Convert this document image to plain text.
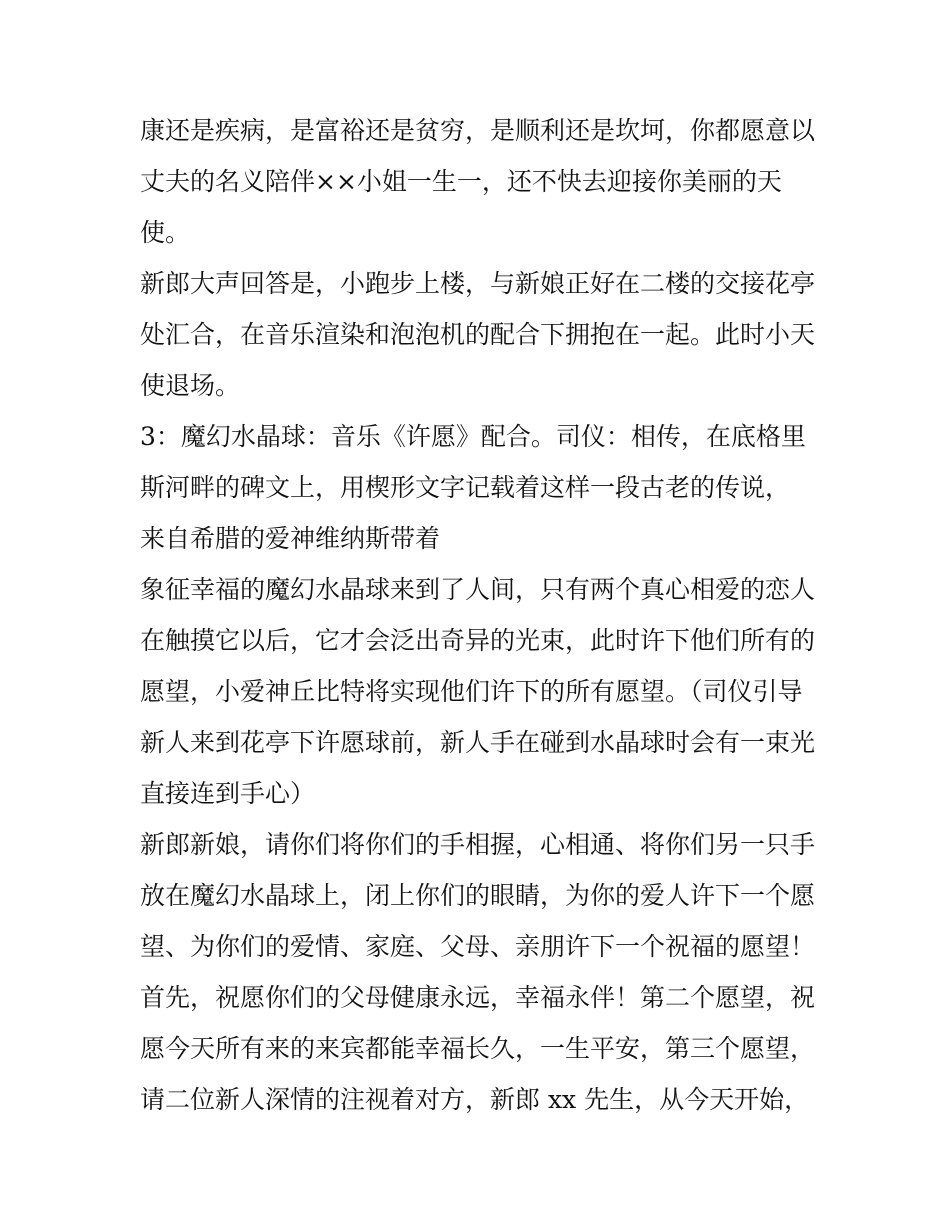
康还是疾病，是富裕还是贫穷，是顺利还是坎坷，你都愿意以
丈夫的名义陪伴××小姐一生一，还不快去迎接你美丽的天
使。
新郎大声回答是，小跑步上楼，与新娘正好在二楼的交接花亭
处汇合，在音乐渲染和泡泡机的配合下拥抱在一起。此时小天
使退场。
3：魔幻水晶球：音乐《许愿》配合。司仪：相传，在底格里
斯河畔的碑文上，用楔形文字记载着这样一段古老的传说，
来自希腊的爱神维纳斯带着
象征幸福的魔幻水晶球来到了人间，只有两个真心相爱的恋人
在触摸它以后，它才会泛出奇异的光束，此时许下他们所有的
愿望，小爱神丘比特将实现他们许下的所有愿望。（司仪引导
新人来到花亭下许愿球前，新人手在碰到水晶球时会有一束光
直接连到手心）
新郎新娘，请你们将你们的手相握，心相通、将你们另一只手
放在魔幻水晶球上，闭上你们的眼睛，为你的爱人许下一个愿
望、为你们的爱情、家庭、父母、亲朋许下一个祝福的愿望！
首先，祝愿你们的父母健康永远，幸福永伴！第二个愿望，祝
愿今天所有来的来宾都能幸福长久，一生平安，第三个愿望，
请二位新人深情的注视着对方，新郎 xx 先生，从今天开始，
